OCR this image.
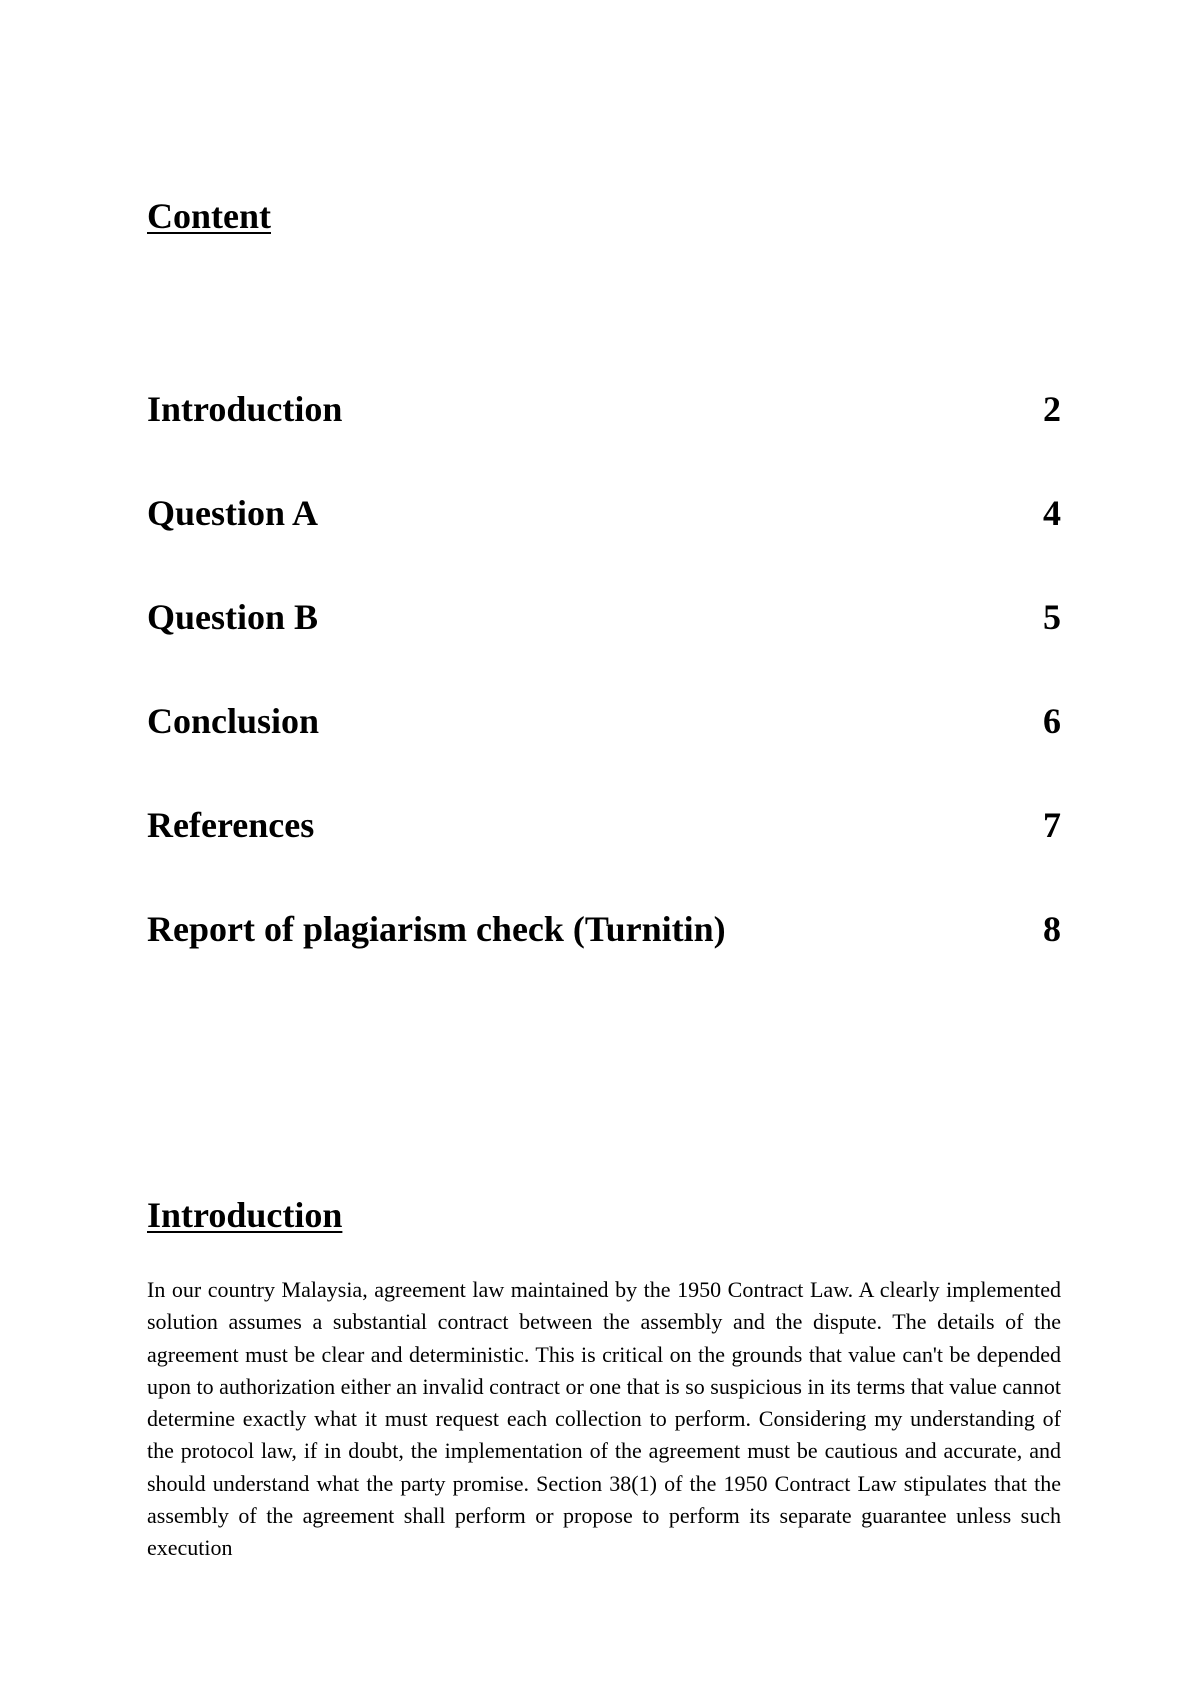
Content
Introduction	2
Question A	4
Question B	5
Conclusion	6
References	7
Report of plagiarism check (Turnitin)	8
Introduction

In our country Malaysia, agreement law maintained by the 1950 Contract Law. A clearly implemented solution assumes a substantial contract between the assembly and the dispute. The details of the agreement must be clear and deterministic. This is critical on the grounds that value can't be depended upon to authorization either an invalid contract or one that is so suspicious in its terms that value cannot determine exactly what it must request each collection to perform. Considering my understanding of the protocol law, if in doubt, the implementation of the agreement must be cautious and accurate, and should understand what the party promise. Section 38(1) of the 1950 Contract Law stipulates that the assembly of the agreement shall perform or propose to perform its separate guarantee unless such execution
